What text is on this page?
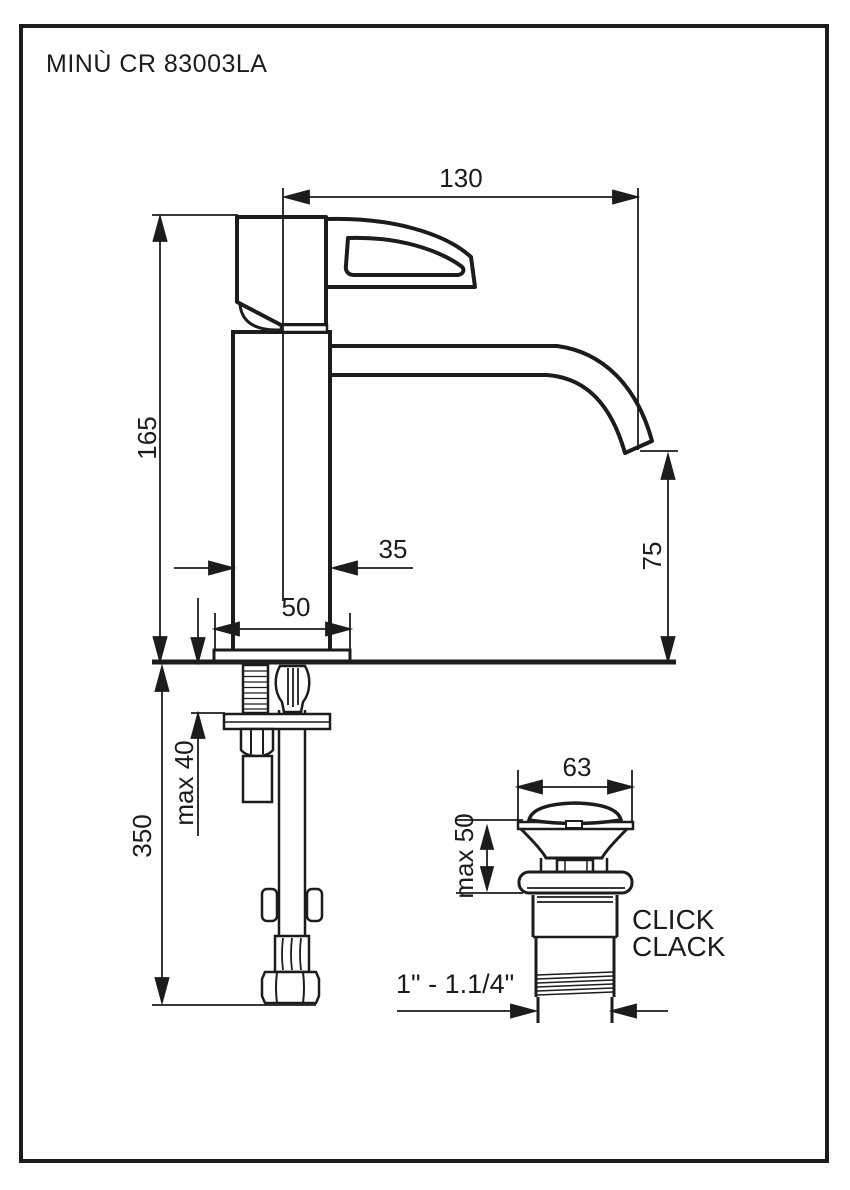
MINÙ CR 83003LA
130
165
35
50
75
max 40
350
63
max 50
CLICK
CLACK
1" - 1.1/4"
